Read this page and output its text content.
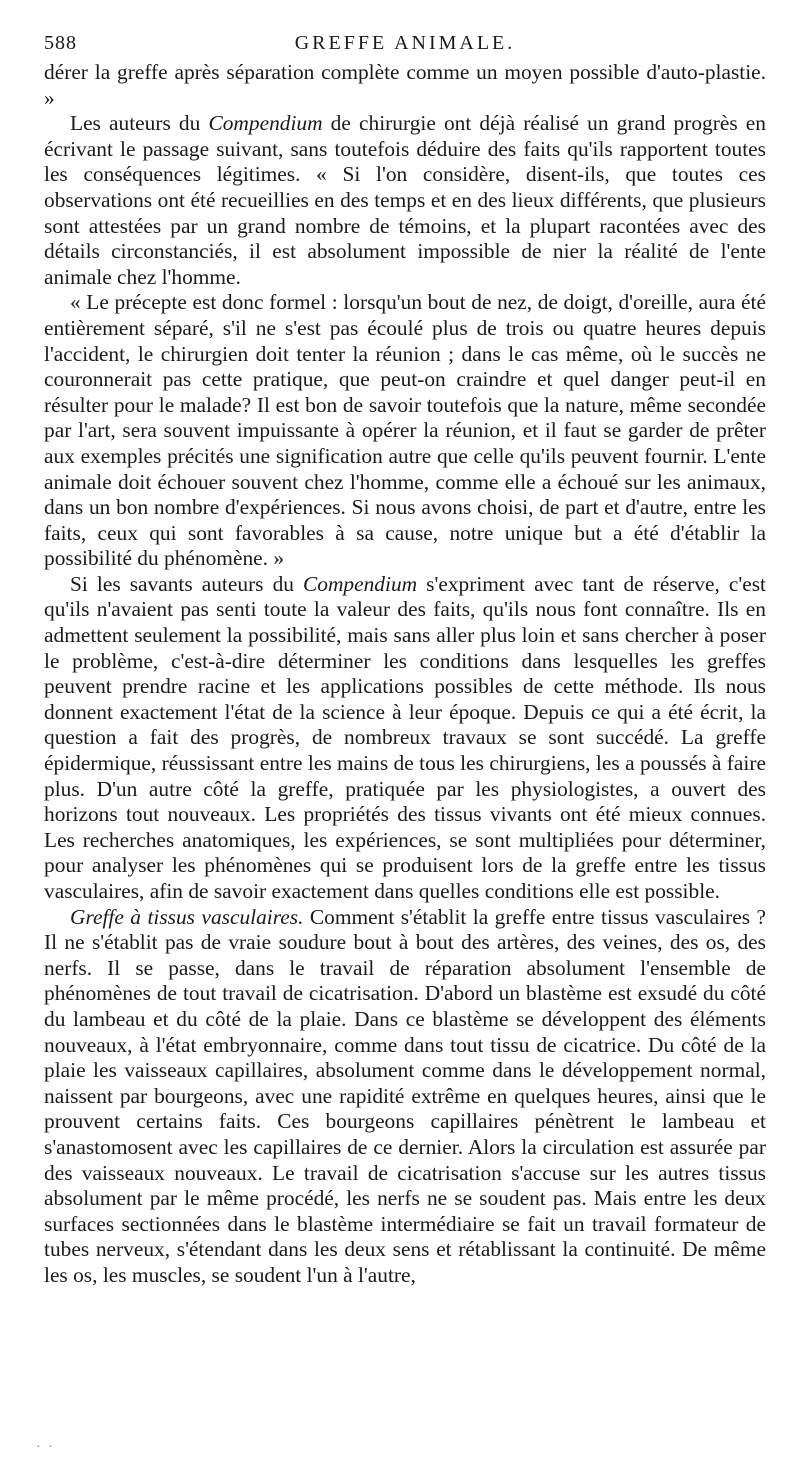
588	GREFFE ANIMALE.

dérer la greffe après séparation complète comme un moyen possible d'auto-plastie. »

Les auteurs du Compendium de chirurgie ont déjà réalisé un grand progrès en écrivant le passage suivant, sans toutefois déduire des faits qu'ils rapportent toutes les conséquences légitimes. « Si l'on considère, disent-ils, que toutes ces observations ont été recueillies en des temps et en des lieux différents, que plusieurs sont attestées par un grand nombre de témoins, et la plupart racontées avec des détails circonstanciés, il est absolument impossible de nier la réalité de l'ente animale chez l'homme.

« Le précepte est donc formel : lorsqu'un bout de nez, de doigt, d'oreille, aura été entièrement séparé, s'il ne s'est pas écoulé plus de trois ou quatre heures depuis l'accident, le chirurgien doit tenter la réunion ; dans le cas même, où le succès ne couronnerait pas cette pratique, que peut-on craindre et quel danger peut-il en résulter pour le malade? Il est bon de savoir toutefois que la nature, même secondée par l'art, sera souvent impuissante à opérer la réunion, et il faut se garder de prêter aux exemples précités une signification autre que celle qu'ils peuvent fournir. L'ente animale doit échouer souvent chez l'homme, comme elle a échoué sur les animaux, dans un bon nombre d'expériences. Si nous avons choisi, de part et d'autre, entre les faits, ceux qui sont favorables à sa cause, notre unique but a été d'établir la possibilité du phénomène. »

Si les savants auteurs du Compendium s'expriment avec tant de réserve, c'est qu'ils n'avaient pas senti toute la valeur des faits, qu'ils nous font connaître. Ils en admettent seulement la possibilité, mais sans aller plus loin et sans chercher à poser le problème, c'est-à-dire déterminer les conditions dans lesquelles les greffes peuvent prendre racine et les applications possibles de cette méthode. Ils nous donnent exactement l'état de la science à leur époque. Depuis ce qui a été écrit, la question a fait des progrès, de nombreux travaux se sont succédé. La greffe épidermique, réussissant entre les mains de tous les chirurgiens, les a poussés à faire plus. D'un autre côté la greffe, pratiquée par les physiologistes, a ouvert des horizons tout nouveaux. Les propriétés des tissus vivants ont été mieux connues. Les recherches anatomiques, les expériences, se sont multipliées pour déterminer, pour analyser les phénomènes qui se produisent lors de la greffe entre les tissus vasculaires, afin de savoir exactement dans quelles conditions elle est possible.

Greffe à tissus vasculaires. Comment s'établit la greffe entre tissus vasculaires ? Il ne s'établit pas de vraie soudure bout à bout des artères, des veines, des os, des nerfs. Il se passe, dans le travail de réparation absolument l'ensemble de phénomènes de tout travail de cicatrisation. D'abord un blastème est exsudé du côté du lambeau et du côté de la plaie. Dans ce blastème se développent des éléments nouveaux, à l'état embryonnaire, comme dans tout tissu de cicatrice. Du côté de la plaie les vaisseaux capillaires, absolument comme dans le développement normal, naissent par bourgeons, avec une rapidité extrême en quelques heures, ainsi que le prouvent certains faits. Ces bourgeons capillaires pénètrent le lambeau et s'anastomosent avec les capillaires de ce dernier. Alors la circulation est assurée par des vaisseaux nouveaux. Le travail de cicatrisation s'accuse sur les autres tissus absolument par le même procédé, les nerfs ne se soudent pas. Mais entre les deux surfaces sectionnées dans le blastème intermédiaire se fait un travail formateur de tubes nerveux, s'étendant dans les deux sens et rétablissant la continuité. De même les os, les muscles, se soudent l'un à l'autre,

· ·
